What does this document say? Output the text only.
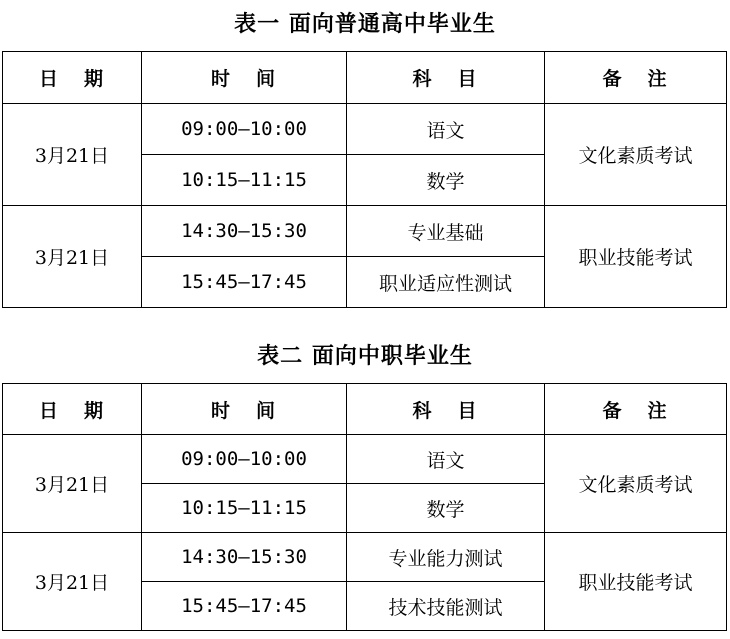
表一 面向普通高中毕业生
日 期	时 间	科 目	备 注
3月21日	09:00—10:00	语文	文化素质考试
	10:15—11:15	数学	
3月21日	14:30—15:30	专业基础	职业技能考试
	15:45—17:45	职业适应性测试	
表二 面向中职毕业生
日 期	时 间	科 目	备 注
3月21日	09:00—10:00	语文	文化素质考试
	10:15—11:15	数学	
3月21日	14:30—15:30	专业能力测试	职业技能考试
	15:45—17:45	技术技能测试	
